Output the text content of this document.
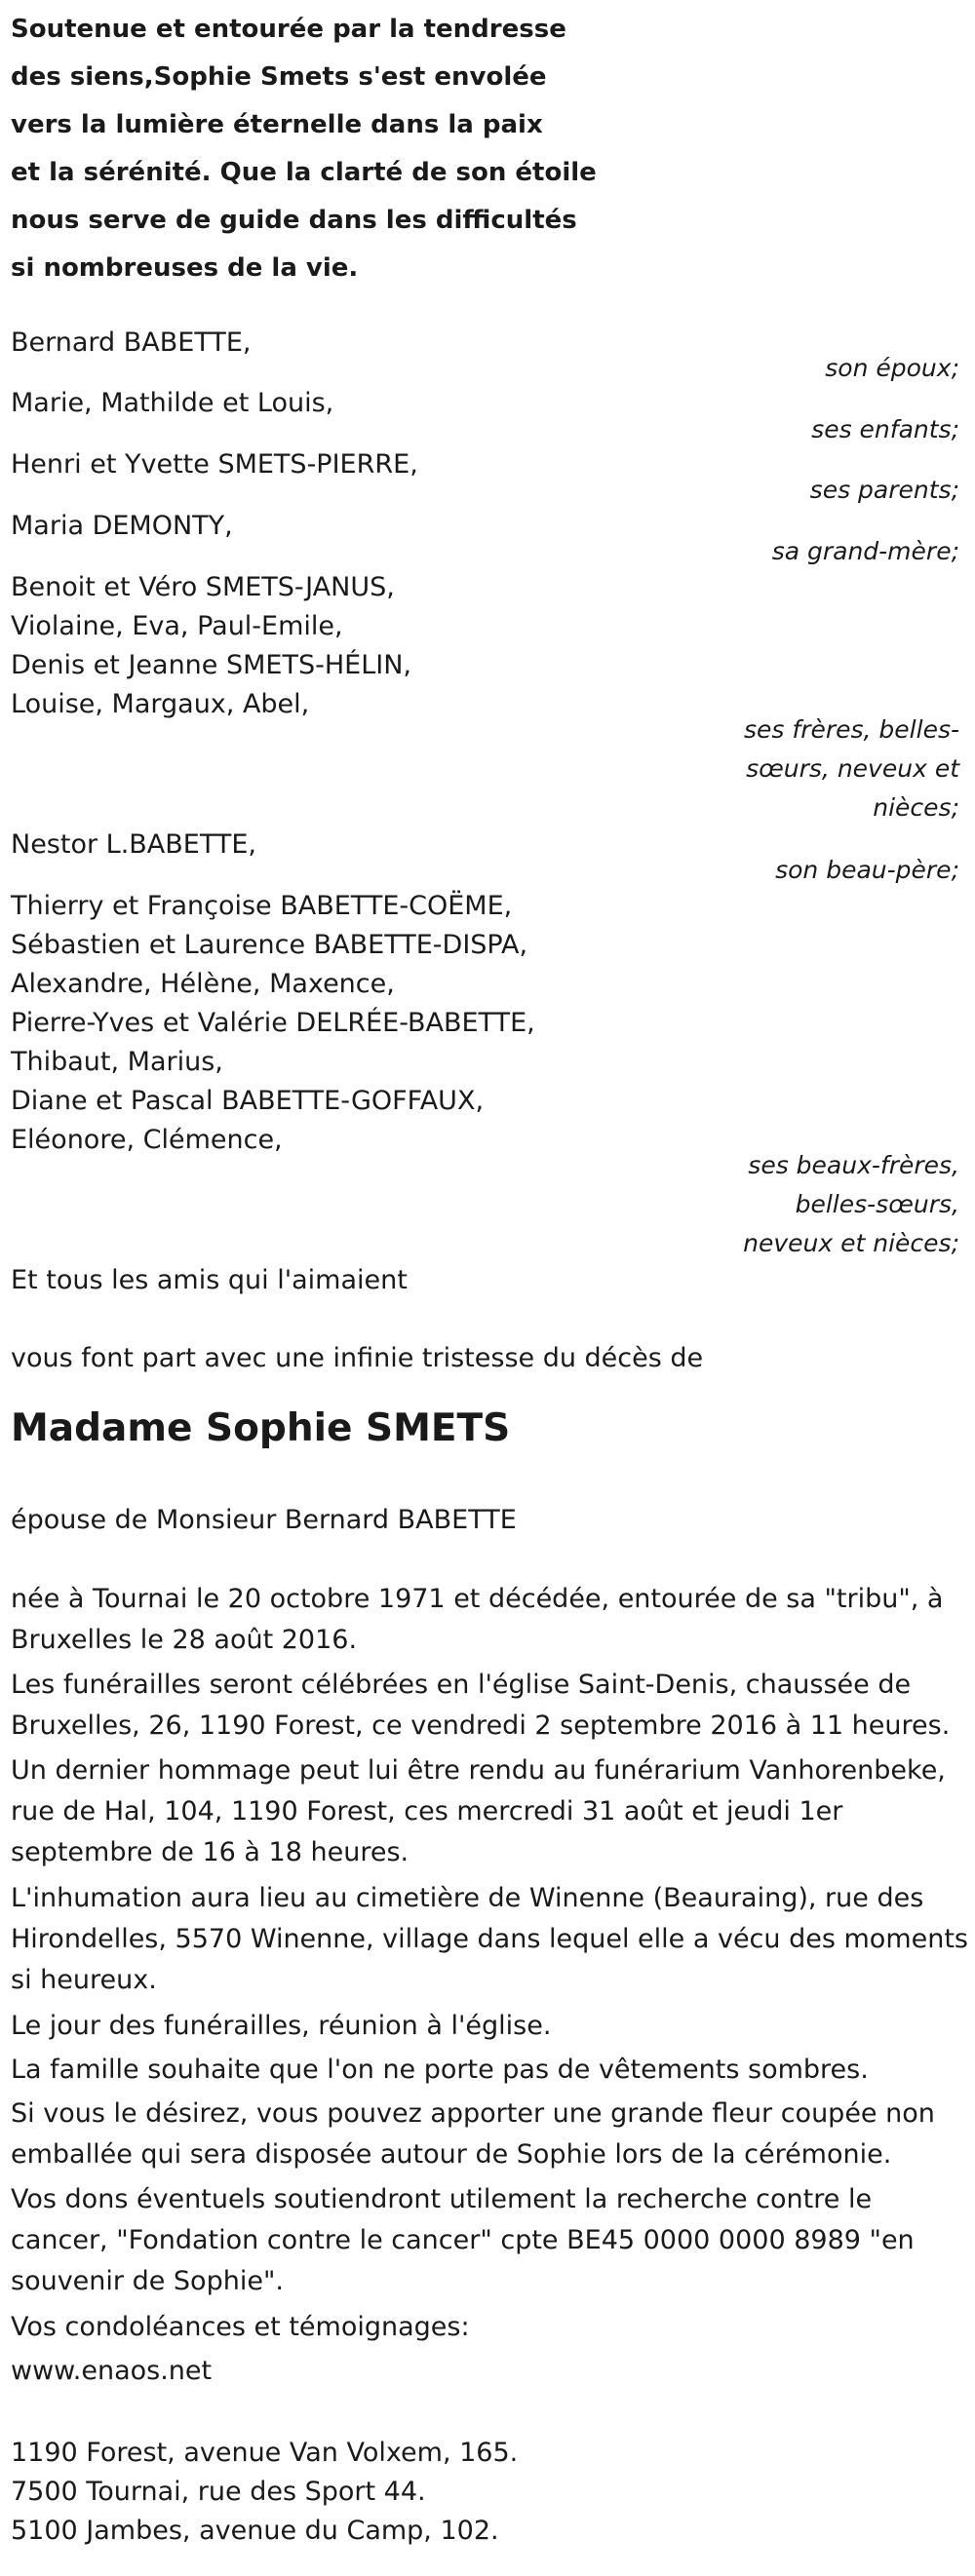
Soutenue et entourée par la tendresse
des siens,Sophie Smets s'est envolée
vers la lumière éternelle dans la paix
et la sérénité. Que la clarté de son étoile
nous serve de guide dans les difficultés
si nombreuses de la vie.
Bernard BABETTE,
son époux;
Marie, Mathilde et Louis,
ses enfants;
Henri et Yvette SMETS-PIERRE,
ses parents;
Maria DEMONTY,
sa grand-mère;
Benoit et Véro SMETS-JANUS,
Violaine, Eva, Paul-Emile,
Denis et Jeanne SMETS-HÉLIN,
Louise, Margaux, Abel,
ses frères, belles-
sœurs, neveux et
nièces;
Nestor L.BABETTE,
son beau-père;
Thierry et Françoise BABETTE-COËME,
Sébastien et Laurence BABETTE-DISPA,
Alexandre, Hélène, Maxence,
Pierre-Yves et Valérie DELRÉE-BABETTE,
Thibaut, Marius,
Diane et Pascal BABETTE-GOFFAUX,
Eléonore, Clémence,
ses beaux-frères,
belles-sœurs,
neveux et nièces;
Et tous les amis qui l'aimaient
vous font part avec une infinie tristesse du décès de
Madame Sophie SMETS
épouse de Monsieur Bernard BABETTE
née à Tournai le 20 octobre 1971 et décédée, entourée de sa "tribu", à Bruxelles le 28 août 2016.
Les funérailles seront célébrées en l'église Saint-Denis, chaussée de Bruxelles, 26, 1190 Forest, ce vendredi 2 septembre 2016 à 11 heures.
Un dernier hommage peut lui être rendu au funérarium Vanhorenbeke, rue de Hal, 104, 1190 Forest, ces mercredi 31 août et jeudi 1er septembre de 16 à 18 heures.
L'inhumation aura lieu au cimetière de Winenne (Beauraing), rue des Hirondelles, 5570 Winenne, village dans lequel elle a vécu des moments si heureux.
Le jour des funérailles, réunion à l'église.
La famille souhaite que l'on ne porte pas de vêtements sombres.
Si vous le désirez, vous pouvez apporter une grande fleur coupée non emballée qui sera disposée autour de Sophie lors de la cérémonie.
Vos dons éventuels soutiendront utilement la recherche contre le cancer, "Fondation contre le cancer" cpte BE45 0000 0000 8989 "en souvenir de Sophie".
Vos condoléances et témoignages:
www.enaos.net
1190 Forest, avenue Van Volxem, 165.
7500 Tournai, rue des Sport 44.
5100 Jambes, avenue du Camp, 102.
